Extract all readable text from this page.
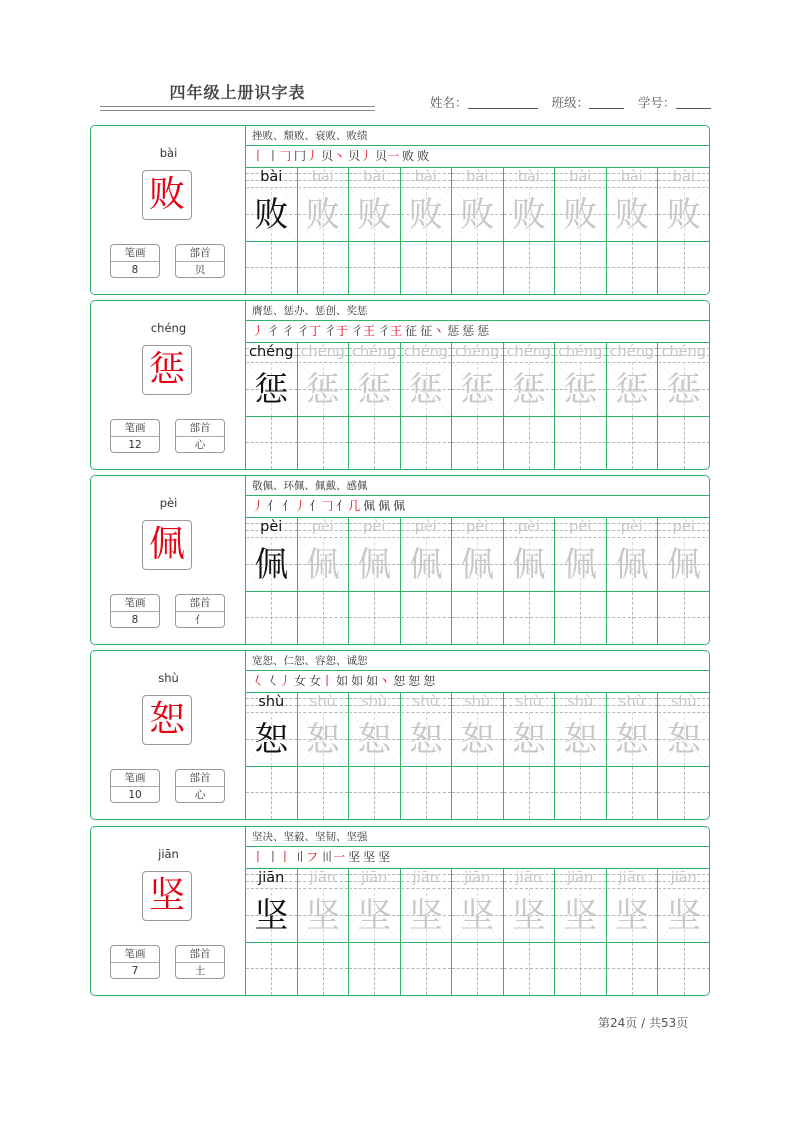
四年级上册识字表
姓名：	班级：	学号：
bài
败
笔画
8
部首
贝
挫败、颓败、衰败、败绩
丨 丨𠃌 冂丿 贝丶 贝丿 贝一 败 败
bài
败
bài
败
bài
败
bài
败
bài
败
bài
败
bài
败
bài
败
bài
败
chéng
惩
笔画
12
部首
心
膺惩、惩办、惩创、奖惩
丿 彳 彳 彳丁 彳于 彳王 彳王 征 征丶 惩 惩 惩
chéng
惩
chéng
惩
chéng
惩
chéng
惩
chéng
惩
chéng
惩
chéng
惩
chéng
惩
chéng
惩
pèi
佩
笔画
8
部首
亻
敬佩、环佩、佩戴、感佩
丿 亻 亻丿 亻𠃌 亻几 佩 佩 佩
pèi
佩
pèi
佩
pèi
佩
pèi
佩
pèi
佩
pèi
佩
pèi
佩
pèi
佩
pèi
佩
shù
恕
笔画
10
部首
心
宽恕、仁恕、容恕、诚恕
𡿨 𡿨丿 女 女丨 如 如 如丶 恕 恕 恕
shù
恕
shù
恕
shù
恕
shù
恕
shù
恕
shù
恕
shù
恕
shù
恕
shù
恕
jiān
坚
笔画
7
部首
土
坚决、坚毅、坚韧、坚强
丨 丨丨 〢フ 〣一 坚 坚 坚
jiān
坚
jiān
坚
jiān
坚
jiān
坚
jiān
坚
jiān
坚
jiān
坚
jiān
坚
jiān
坚
第24页 / 共53页
